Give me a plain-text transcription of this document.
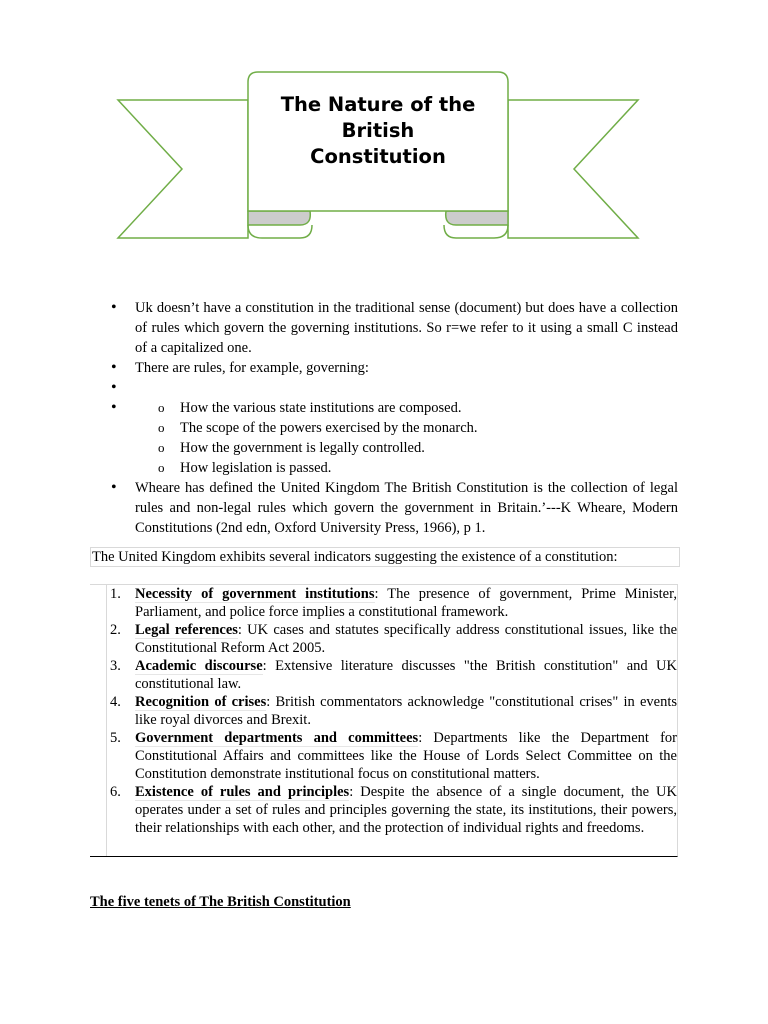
The Nature of the
British
Constitution
• Uk doesn’t have a constitution in the traditional sense (document) but does have a collection of rules which govern the governing institutions. So r=we refer to it using a small C instead of a capitalized one.
• There are rules, for example, governing:
•
o • How the various state institutions are composed.
o The scope of the powers exercised by the monarch.
o How the government is legally controlled.
o How legislation is passed.
• Wheare has defined the United Kingdom The British Constitution is the collection of legal rules and non-legal rules which govern the government in Britain.’---K Wheare, Modern Constitutions (2nd edn, Oxford University Press, 1966), p 1.

The United Kingdom exhibits several indicators suggesting the existence of a constitution:

1. Necessity of government institutions: The presence of government, Prime Minister, Parliament, and police force implies a constitutional framework.
2. Legal references: UK cases and statutes specifically address constitutional issues, like the Constitutional Reform Act 2005.
3. Academic discourse: Extensive literature discusses "the British constitution" and UK constitutional law.
4. Recognition of crises: British commentators acknowledge "constitutional crises" in events like royal divorces and Brexit.
5. Government departments and committees: Departments like the Department for Constitutional Affairs and committees like the House of Lords Select Committee on the Constitution demonstrate institutional focus on constitutional matters.
6. Existence of rules and principles: Despite the absence of a single document, the UK operates under a set of rules and principles governing the state, its institutions, their powers, their relationships with each other, and the protection of individual rights and freedoms.

The five tenets of The British Constitution
